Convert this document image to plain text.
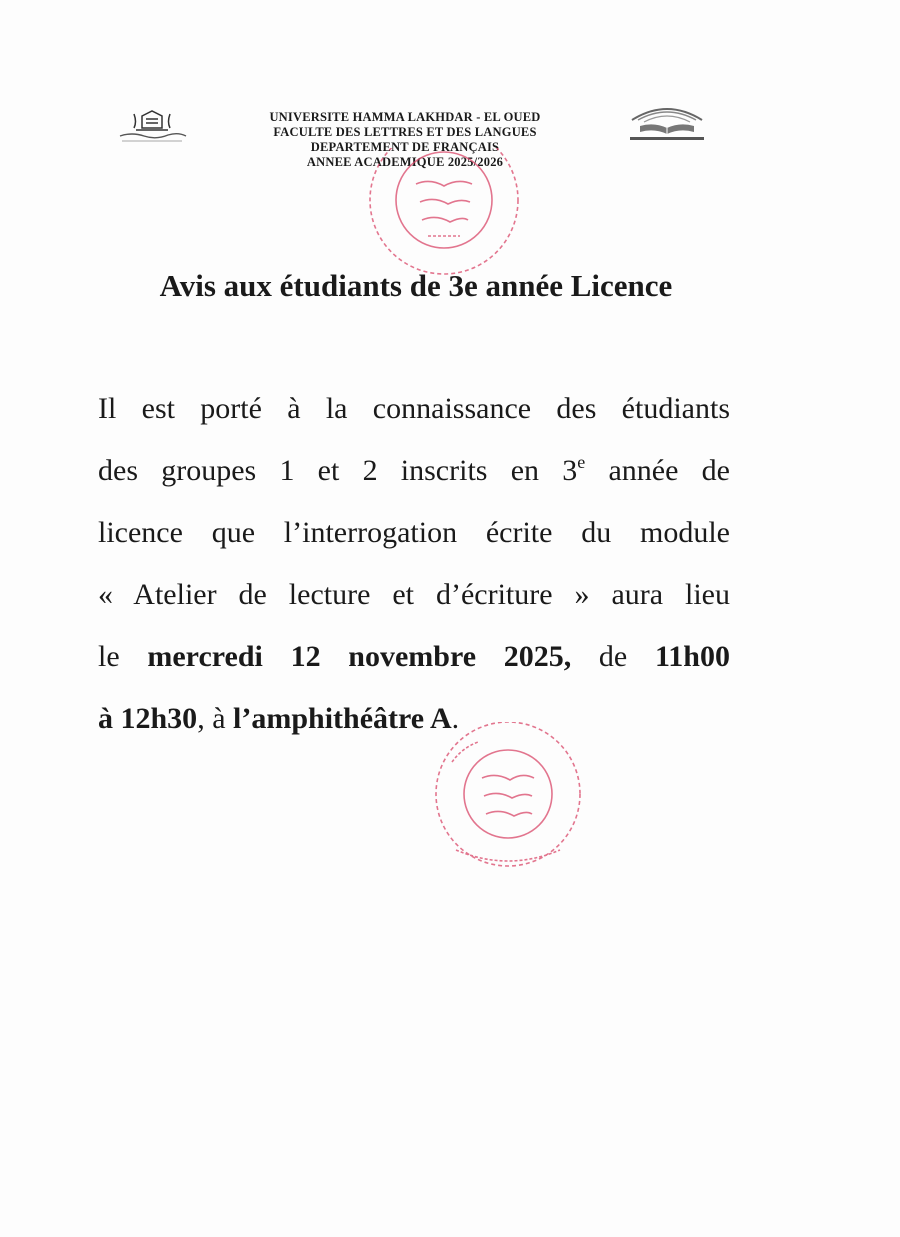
UNIVERSITE HAMMA LAKHDAR - EL OUED
FACULTE DES LETTRES ET DES LANGUES
DEPARTEMENT DE FRANÇAIS
ANNEE ACADEMIQUE 2025/2026
Avis aux étudiants de 3e année Licence
Il est porté à la connaissance des étudiants
des groupes 1 et 2 inscrits en 3e année de
licence que l’interrogation écrite du module
« Atelier de lecture et d’écriture » aura lieu
le mercredi 12 novembre 2025, de 11h00
à 12h30, à l’amphithéâtre A.
